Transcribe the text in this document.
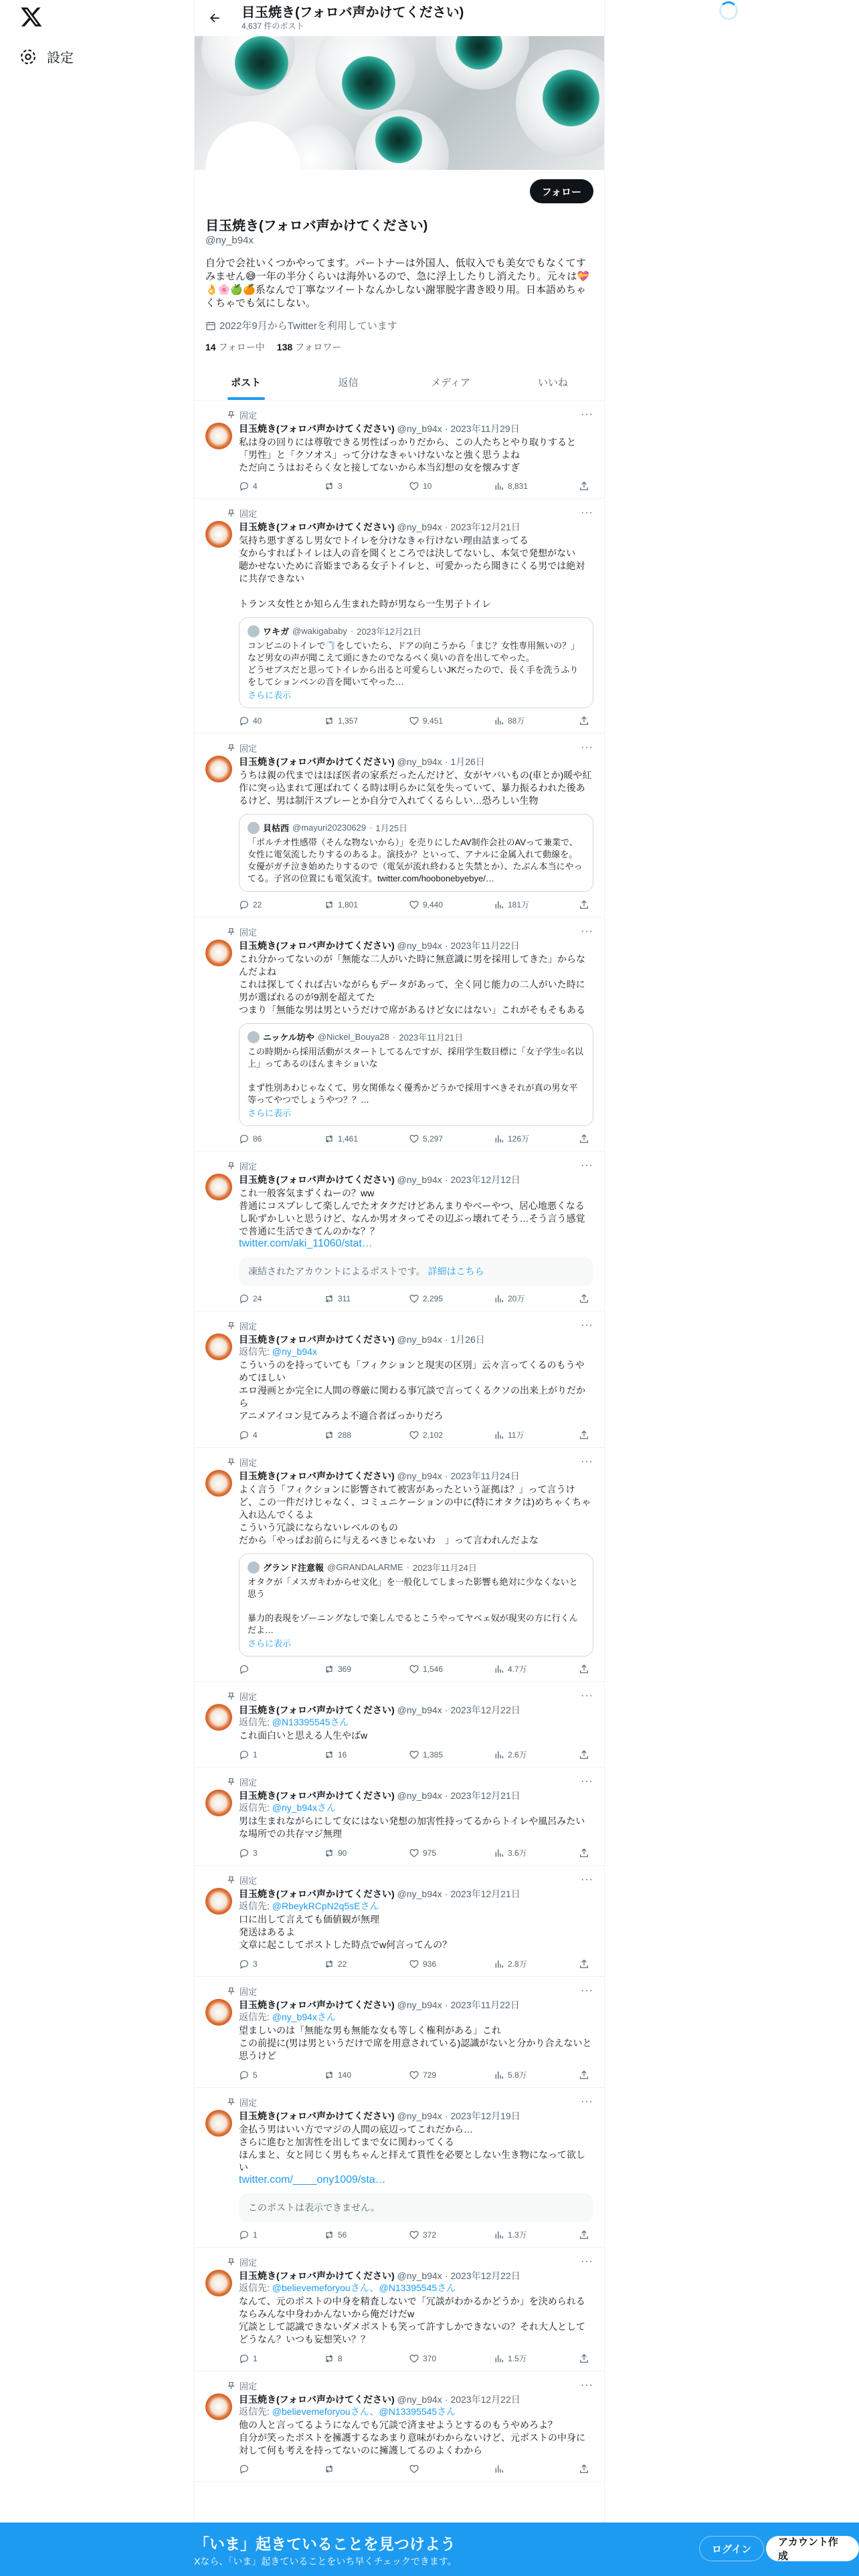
設定
目玉焼き(フォロバ声かけてください)
4,637 件のポスト
フォロー
目玉焼き(フォロバ声かけてください)
@ny_b94x
自分で会社いくつかやってます。パートナーは外国人、低収入でも美女でもなくてすみません😅一年の半分くらいは海外いるので、急に浮上したりし消えたり。元々は💝👌🌸🍏🍊系なんで丁寧なツイートなんかしない謝罪脱字書き殴り用。日本語めちゃくちゃでも気にしない。
2022年9月からTwitterを利用しています
14 フォロー中 138 フォロワー
ポスト	返信	メディア	いいね
固定	···
目玉焼き(フォロバ声かけてください) @ny_b94x · 2023年11月29日
私は身の回りには尊敬できる男性ばっかりだから、この人たちとやり取りすると「男性」と「クソオス」って分けなきゃいけないなと強く思うよね
ただ向こうはおそらく女と接してないから本当幻想の女を懐みすぎ
4	3	10	8,831
固定	···
目玉焼き(フォロバ声かけてください) @ny_b94x · 2023年12月21日
気持ち悪すぎるし男女でトイレを分けなきゃ行けない理由詰まってる
女からすればトイレは人の音を聞くところでは決してないし、本気で発想がない
聴かせないために音姫まである女子トイレと、可愛かったら聞きにくる男では絶対に共存できない

トランス女性とか知らん生まれた時が男なら一生男子トイレ
ワキガ @wakigababy · 2023年12月21日
コンビニのトイレで🧻をしていたら、ドアの向こうから「まじ？女性専用無いの？」など男女の声が聞こえて頭にきたのでなるべく臭いの音を出してやった。
どうせブスだと思ってトイレから出ると可愛らしいJKだったので、長く手を洗うふりをしてションベンの音を聞いてやった…
さらに表示
40	1,357	9,451	88万
固定	···
目玉焼き(フォロバ声かけてください) @ny_b94x · 1月26日
うちは親の代まではほぼ医者の家系だったんだけど、女がヤバいもの(車とか)暖や紅作に突っ込まれて運ばれてくる時は明らかに気を失っていて、暴力振るわれた後あるけど、男は制汗スプレーとか自分で入れてくるらしい…恐ろしい生物
貝枯西 @mayuri20230629 · 1月25日
「ポルチオ性感帯（そんな物ないから）」を売りにしたAV制作会社のAVって兼業で、女性に電気流したりするのあるよ。演技か？といって、アナルに金属入れて動線を。女優がガチ泣き始めたりするので（電気が流れ終わると失禁とか）、たぶん本当にやってる。子宮の位置にも電気流す。twitter.com/hoobonebyebye/…
22	1,801	9,440	181万
固定	···
目玉焼き(フォロバ声かけてください) @ny_b94x · 2023年11月22日
これ分かってないのが「無能な二人がいた時に無意識に男を採用してきた」からなんだよね
これは探してくれば古いながらもデータがあって、全く同じ能力の二人がいた時に男が選ばれるのが9割を超えてた
つまり「無能な男は男というだけで席があるけど女にはない」これがそもそもある
ニッケル坊や @Nickel_Bouya28 · 2023年11月21日
この時期から採用活動がスタートしてるんですが、採用学生数目標に「女子学生○名以上」ってあるのほんまキショいな

まず性別あわじゃなくて、男女関係なく優秀かどうかで採用すべきそれが真の男女平等ってやつでしょうやつ？？…
さらに表示
86	1,461	5,297	126万
固定	···
目玉焼き(フォロバ声かけてください) @ny_b94x · 2023年12月12日
これ一般客気まずくねーの？ww
普通にコスプレして楽しんでたオタクだけどあんまりやべーやつ、居心地悪くなるし恥ずかしいと思うけど、なんか男オタってその辺ぶっ壊れてそう…そう言う感覚で普通に生活できてんのかな？？
twitter.com/aki_11060/stat…
凍結されたアカウントによるポストです。 詳細はこちら
24	311	2,295	20万
固定	···
目玉焼き(フォロバ声かけてください) @ny_b94x · 1月26日
返信先: @ny_b94x
こういうのを持っていても「フィクションと現実の区別」云々言ってくるのもうやめてほしい
エロ漫画とか完全に人間の尊厳に関わる事冗談で言ってくるクソの出来上がりだから
アニメアイコン見てみろよ不適合者ばっかりだろ
4	288	2,102	11万
固定	···
目玉焼き(フォロバ声かけてください) @ny_b94x · 2023年11月24日
よく言う「フィクションに影響されて被害があったという証拠は？」って言うけど、この一件だけじゃなく、コミュニケーションの中に(特にオタクは)めちゃくちゃ入れ込んでくるよ
こういう冗談にならないレベルのもの
だから「やっぱお前らに与えるべきじゃないわ　」って言われんだよな
グランド注意報 @GRANDALARME · 2023年11月24日
オタクが「メスガキわからせ文化」を一般化してしまった影響も絶対に少なくないと思う

暴力的表現をゾーニングなしで楽しんでるとこうやってヤベェ奴が現実の方に行くんだよ…
さらに表示
369	1,546	4.7万
固定	···
目玉焼き(フォロバ声かけてください) @ny_b94x · 2023年12月22日
返信先: @N13395545さん
これ面白いと思える人生やばw
1	16	1,385	2.6万
固定	···
目玉焼き(フォロバ声かけてください) @ny_b94x · 2023年12月21日
返信先: @ny_b94xさん
男は生まれながらにして女にはない発想の加害性持ってるからトイレや風呂みたいな場所での共存マジ無理
3	90	975	3.6万
固定	···
目玉焼き(フォロバ声かけてください) @ny_b94x · 2023年12月21日
返信先: @RbeykRCpN2q5sEさん
口に出して言えても価値観が無理
発送はあるよ
文章に起こしてポストした時点でw何言ってんの？
3	22	936	2.8万
固定	···
目玉焼き(フォロバ声かけてください) @ny_b94x · 2023年11月22日
返信先: @ny_b94xさん
望ましいのは「無能な男も無能な女も等しく権利がある」これ
この前提に(男は男というだけで席を用意されている)認識がないと分かり合えないと思うけど
5	140	729	5.8万
固定	···
目玉焼き(フォロバ声かけてください) @ny_b94x · 2023年12月19日
金払う男はいい方でマジの人間の底辺ってこれだから…
さらに進むと加害性を出してまで女に関わってくる
ほんまと、女と同じく男もちゃんと拝えて貰性を必要としない生き物になって欲しい
twitter.com/____ony1009/sta…
このポストは表示できません。
1	56	372	1.3万
固定	···
目玉焼き(フォロバ声かけてください) @ny_b94x · 2023年12月22日
返信先: @believemeforyouさん、@N13395545さん
なんて、元のポストの中身を精査しないで「冗談がわかるかどうか」を決められるならみんな中身わかんないから俺だけだw
冗談として認識できないダメポストも笑って許すしかできないの？それ大人としてどうなん？いつも妄想笑い？？
1	8	370	1.5万
固定	···
目玉焼き(フォロバ声かけてください) @ny_b94x · 2023年12月22日
返信先: @believemeforyouさん、@N13395545さん
他の人と言ってるようになんでも冗談で済ませようとするのもうやめろよ？
自分が笑ったポストを擁護するなあまり意味がわからないけど、元ポストの中身に対して何も考えを持ってないのに擁護してるのよくわから
「いま」起きていることを見つけよう
Xなら、「いま」起きていることをいち早くチェックできます。
ログイン
アカウント作成
